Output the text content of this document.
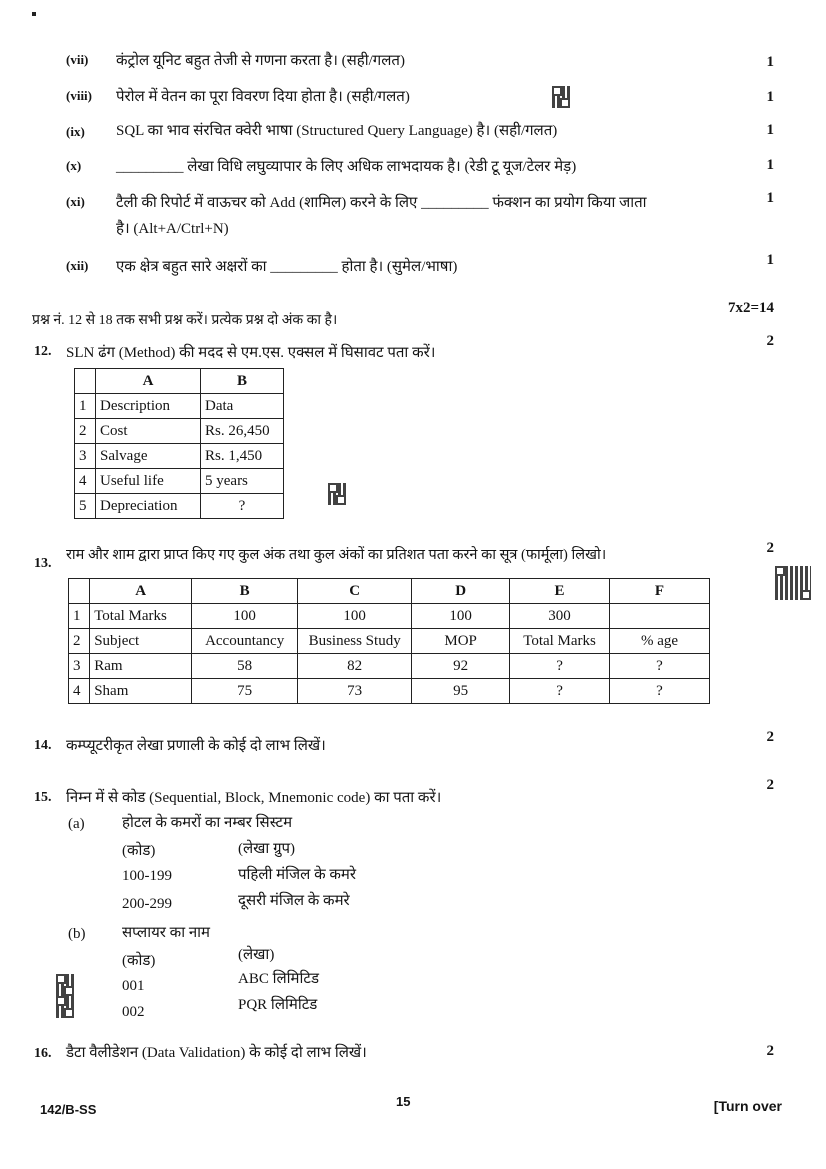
(vii) कंट्रोल यूनिट बहुत तेजी से गणना करता है। (सही/गलत)	1
(viii) पेरोल में वेतन का पूरा विवरण दिया होता है। (सही/गलत)	1
(ix) SQL का भाव संरचित क्वेरी भाषा (Structured Query Language) है। (सही/गलत)	1
(x) _________ लेखा विधि लघुव्यापार के लिए अधिक लाभदायक है। (रेडी टू यूज/टेलर मेड़)	1
(xi) टैली की रिपोर्ट में वाऊचर को Add (शामिल) करने के लिए _________ फंक्शन का प्रयोग किया जाता
है। (Alt+A/Ctrl+N)
1
(xii) एक क्षेत्र बहुत सारे अक्षरों का _________ होता है। (सुमेल/भाषा)	1
प्रश्न नं. 12 से 18 तक सभी प्रश्न करें। प्रत्येक प्रश्न दो अंक का है।
7x2=14
12. SLN ढंग (Method) की मदद से एम.एस. एक्सल में घिसावट पता करें।
2
	A	B
1	Description	Data
2	Cost	Rs. 26,450
3	Salvage	Rs. 1,450
4	Useful life	5 years
5	Depreciation	?
13.
राम और शाम द्वारा प्राप्त किए गए कुल अंक तथा कुल अंकों का प्रतिशत पता करने का सूत्र (फार्मूला) लिखो।	2
	A	B	C	D	E	F
1	Total Marks	100	100	100	300	
2	Subject	Accountancy	Business Study	MOP	Total Marks	% age
3	Ram	58	82	92	?	?
4	Sham	75	73	95	?	?
14. कम्प्यूटरीकृत लेखा प्रणाली के कोई दो लाभ लिखें।
2
15. निम्न में से कोड (Sequential, Block, Mnemonic code) का पता करें।
2
(a) होटल के कमरों का नम्बर सिस्टम
(कोड)	(लेखा ग्रुप)
100-199	पहिली मंजिल के कमरे
200-299	दूसरी मंजिल के कमरे
(b) सप्लायर का नाम
(कोड)	(लेखा)
001	ABC लिमिटिड
002	PQR लिमिटिड
16. डैटा वैलीडेशन (Data Validation) के कोई दो लाभ लिखें।	2
142/B-SS
15	[Turn over
